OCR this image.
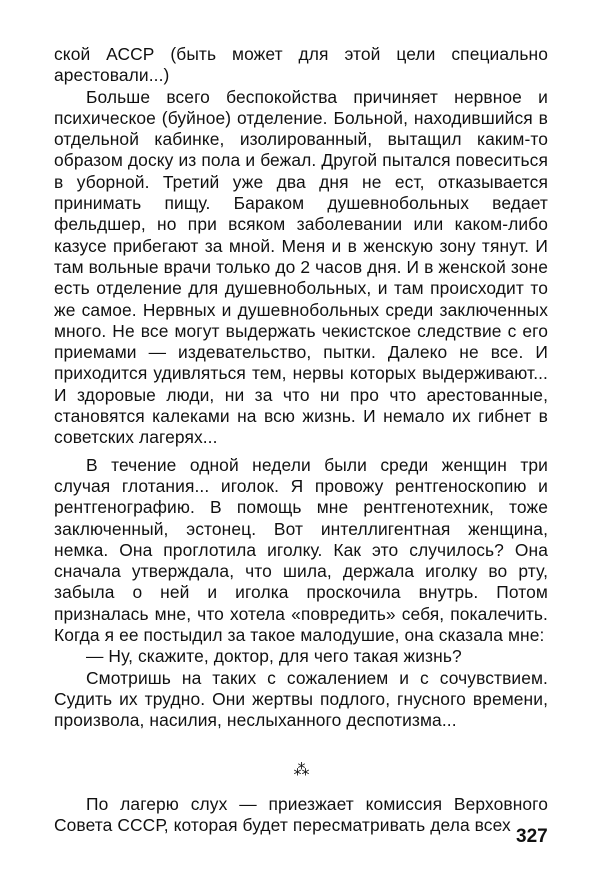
ской АССР (быть может для этой цели специально арестовали...)

Больше всего беспокойства причиняет нервное и психическое (буйное) отделение. Больной, находившийся в отдельной кабинке, изолированный, вытащил каким-то образом доску из пола и бежал. Другой пытался повеситься в уборной. Третий уже два дня не ест, отказывается принимать пищу. Бараком душевнобольных ведает фельдшер, но при всяком заболевании или каком-либо казусе прибегают за мной. Меня и в женскую зону тянут. И там вольные врачи только до 2 часов дня. И в женской зоне есть отделение для душевнобольных, и там происходит то же самое. Нервных и душевнобольных среди заключенных много. Не все могут выдержать чекистское следствие с его приемами — издевательство, пытки. Далеко не все. И приходится удивляться тем, нервы которых выдерживают... И здоровые люди, ни за что ни про что арестованные, становятся калеками на всю жизнь. И немало их гибнет в советских лагерях...

В течение одной недели были среди женщин три случая глотания... иголок. Я провожу рентгеноскопию и рентгенографию. В помощь мне рентгенотехник, тоже заключенный, эстонец. Вот интеллигентная женщина, немка. Она проглотила иголку. Как это случилось? Она сначала утверждала, что шила, держала иголку во рту, забыла о ней и иголка проскочила внутрь. Потом призналась мне, что хотела «повредить» себя, покалечить. Когда я ее постыдил за такое малодушие, она сказала мне:

— Ну, скажите, доктор, для чего такая жизнь?

Смотришь на таких с сожалением и с сочувствием. Судить их трудно. Они жертвы подлого, гнусного времени, произвола, насилия, неслыханного деспотизма...

⁂

По лагерю слух — приезжает комиссия Верховного Совета СССР, которая будет пересматривать дела всех

327
